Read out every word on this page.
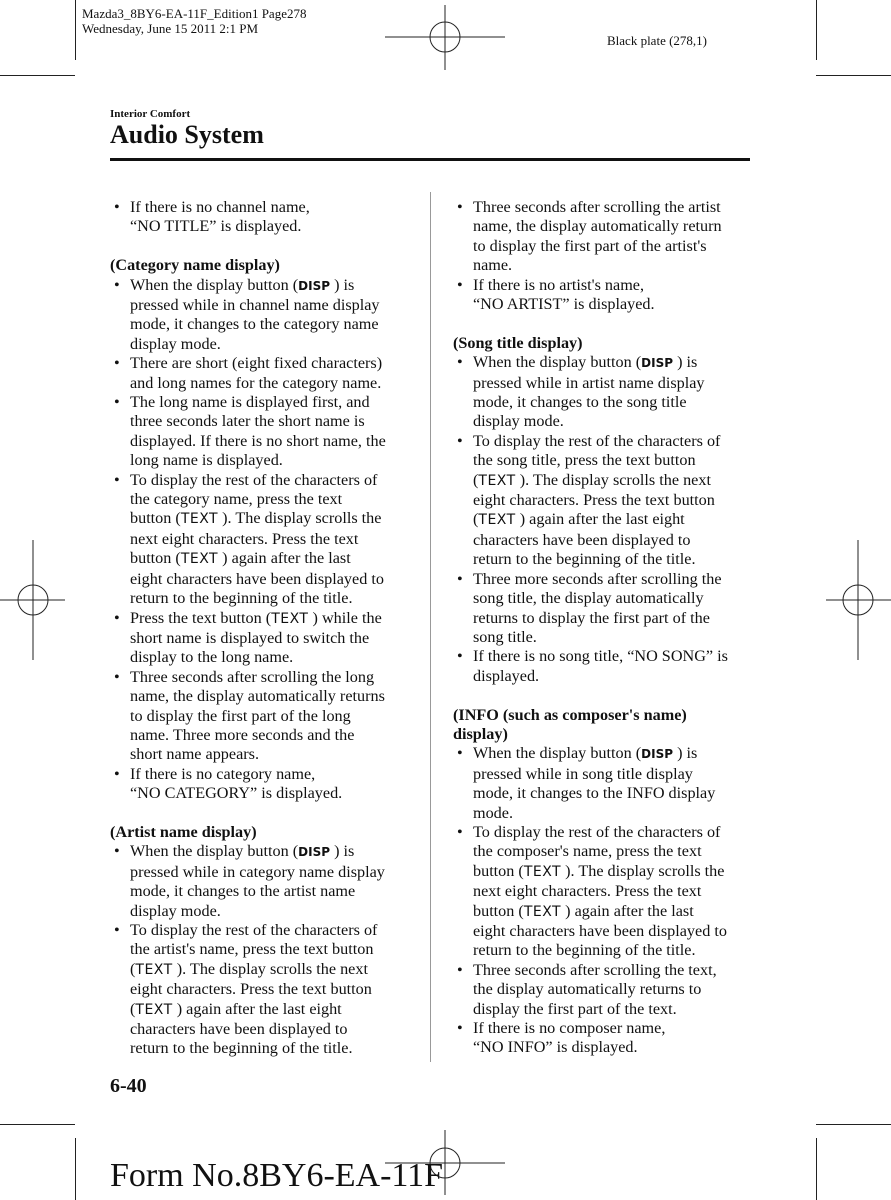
Mazda3_8BY6-EA-11F_Edition1 Page278
Wednesday, June 15 2011 2:1 PM
Black plate (278,1)
Interior Comfort
Audio System
• If there is no channel name,
“NO TITLE” is displayed.
(Category name display)
• When the display button (DISP ) is
pressed while in channel name display
mode, it changes to the category name
display mode.
• There are short (eight fixed characters)
and long names for the category name.
• The long name is displayed first, and
three seconds later the short name is
displayed. If there is no short name, the
long name is displayed.
• To display the rest of the characters of
the category name, press the text
button (TEXT ). The display scrolls the
next eight characters. Press the text
button (TEXT ) again after the last
eight characters have been displayed to
return to the beginning of the title.
• Press the text button (TEXT ) while the
short name is displayed to switch the
display to the long name.
• Three seconds after scrolling the long
name, the display automatically returns
to display the first part of the long
name. Three more seconds and the
short name appears.
• If there is no category name,
“NO CATEGORY” is displayed.
(Artist name display)
• When the display button (DISP ) is
pressed while in category name display
mode, it changes to the artist name
display mode.
• To display the rest of the characters of
the artist's name, press the text button
(TEXT ). The display scrolls the next
eight characters. Press the text button
(TEXT ) again after the last eight
characters have been displayed to
return to the beginning of the title.
• Three seconds after scrolling the artist
name, the display automatically return
to display the first part of the artist's
name.
• If there is no artist's name,
“NO ARTIST” is displayed.
(Song title display)
• When the display button (DISP ) is
pressed while in artist name display
mode, it changes to the song title
display mode.
• To display the rest of the characters of
the song title, press the text button
(TEXT ). The display scrolls the next
eight characters. Press the text button
(TEXT ) again after the last eight
characters have been displayed to
return to the beginning of the title.
• Three more seconds after scrolling the
song title, the display automatically
returns to display the first part of the
song title.
• If there is no song title, “NO SONG” is
displayed.
(INFO (such as composer's name)
display)
• When the display button (DISP ) is
pressed while in song title display
mode, it changes to the INFO display
mode.
• To display the rest of the characters of
the composer's name, press the text
button (TEXT ). The display scrolls the
next eight characters. Press the text
button (TEXT ) again after the last
eight characters have been displayed to
return to the beginning of the title.
• Three seconds after scrolling the text,
the display automatically returns to
display the first part of the text.
• If there is no composer name,
“NO INFO” is displayed.
6-40
Form No.8BY6-EA-11F
